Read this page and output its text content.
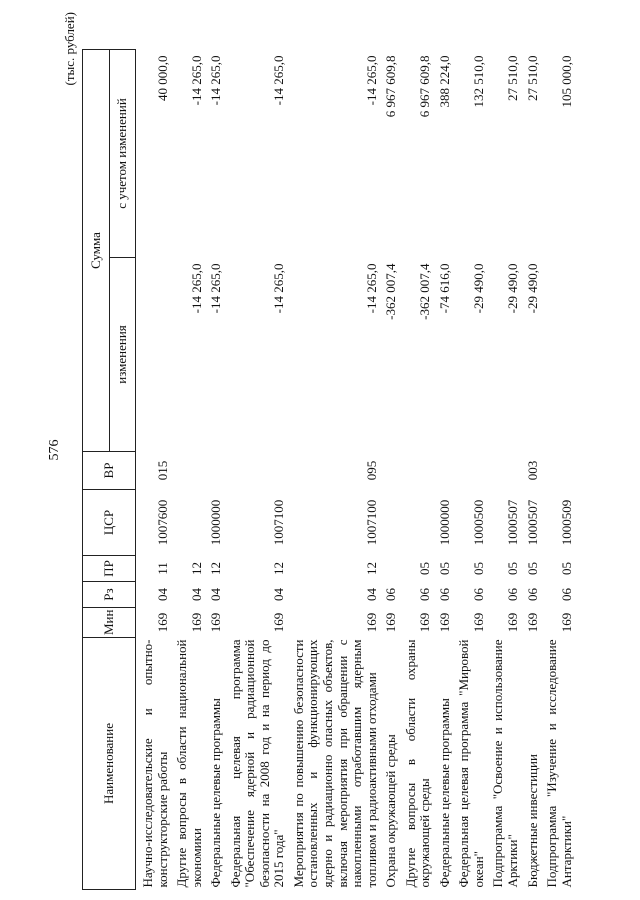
576
(тыс. рублей)
Наименование	Мин	Рз	ПР	ЦСР	ВР	Сумма	
						изменения	с учетом изменений
Научно-исследовательские и опытно-конструкторские работы	169	04	11	1007600	015		40 000,0
Другие вопросы в области национальной экономики	169	04	12			-14 265,0	-14 265,0
Федеральные целевые программы	169	04	12	1000000		-14 265,0	-14 265,0
Федеральная целевая программа "Обеспечение ядерной и радиационной безопасности на 2008 год и на период до 2015 года"	169	04	12	1007100		-14 265,0	-14 265,0
Мероприятия по повышению безопасности остановленных и функционирующих ядерно и радиационно опасных объектов, включая мероприятия при обращении с накопленными отработавшим ядерным топливом и радиоактивными отходами	169	04	12	1007100	095	-14 265,0	-14 265,0
Охрана окружающей среды	169	06				-362 007,4	6 967 609,8
Другие вопросы в области охраны окружающей среды	169	06	05			-362 007,4	6 967 609,8
Федеральные целевые программы	169	06	05	1000000		-74 616,0	388 224,0
Федеральная целевая программа "Мировой океан"	169	06	05	1000500		-29 490,0	132 510,0
Подпрограмма "Освоение и использование Арктики"	169	06	05	1000507		-29 490,0	27 510,0
Бюджетные инвестиции	169	06	05	1000507	003	-29 490,0	27 510,0
Подпрограмма "Изучение и исследование Антарктики"	169	06	05	1000509			105 000,0
